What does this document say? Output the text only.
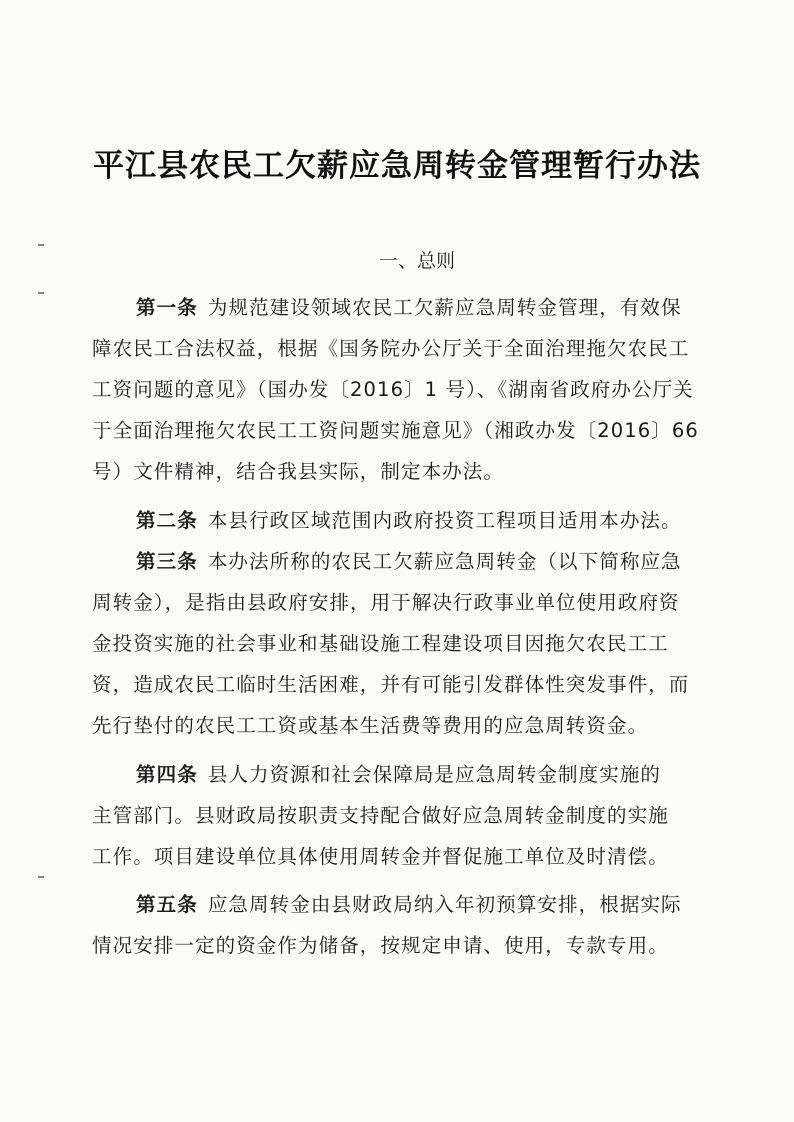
平江县农民工欠薪应急周转金管理暂行办法
一、总则
第一条 为规范建设领域农民工欠薪应急周转金管理，有效保
障农民工合法权益，根据《国务院办公厅关于全面治理拖欠农民工
工资问题的意见》（国办发〔2016〕1 号）、《湖南省政府办公厅关
于全面治理拖欠农民工工资问题实施意见》（湘政办发〔2016〕66
号）文件精神，结合我县实际，制定本办法。
第二条 本县行政区域范围内政府投资工程项目适用本办法。
第三条 本办法所称的农民工欠薪应急周转金（以下简称应急
周转金），是指由县政府安排，用于解决行政事业单位使用政府资
金投资实施的社会事业和基础设施工程建设项目因拖欠农民工工
资，造成农民工临时生活困难，并有可能引发群体性突发事件，而
先行垫付的农民工工资或基本生活费等费用的应急周转资金。
第四条 县人力资源和社会保障局是应急周转金制度实施的
主管部门。县财政局按职责支持配合做好应急周转金制度的实施
工作。项目建设单位具体使用周转金并督促施工单位及时清偿。
第五条 应急周转金由县财政局纳入年初预算安排，根据实际
情况安排一定的资金作为储备，按规定申请、使用，专款专用。
